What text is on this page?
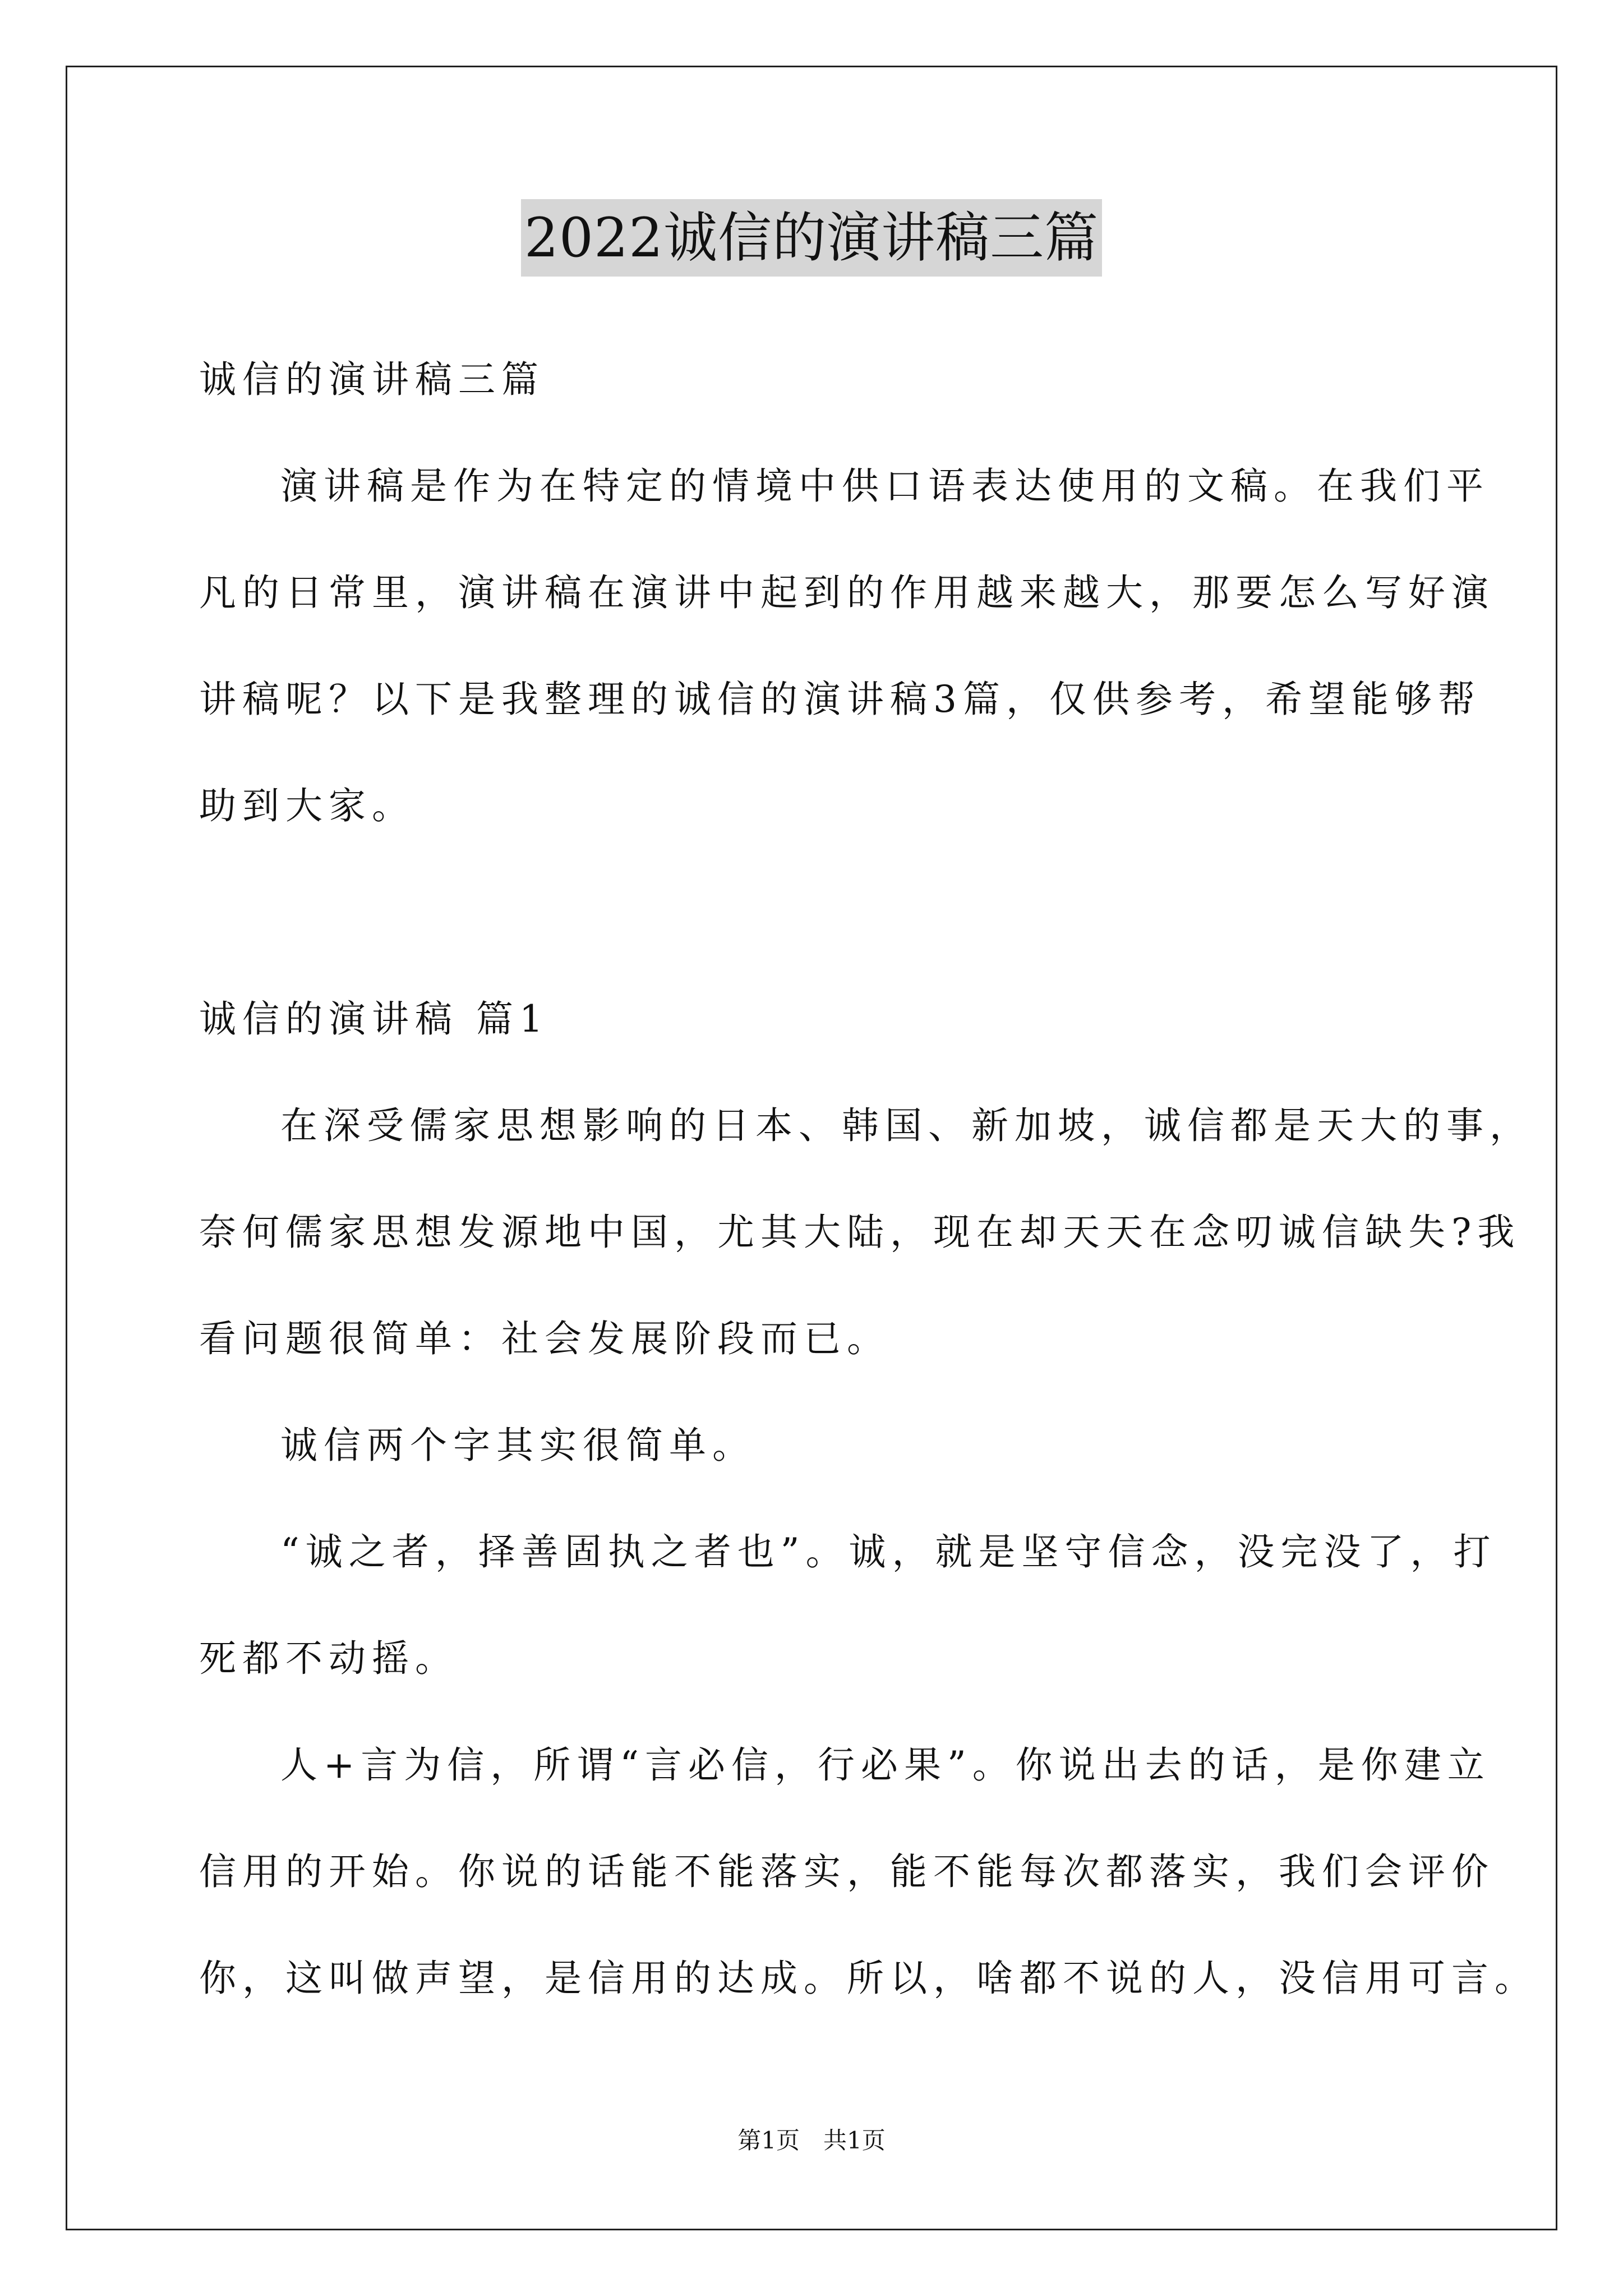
2022诚信的演讲稿三篇
诚信的演讲稿三篇
演讲稿是作为在特定的情境中供口语表达使用的文稿。在我们平
凡的日常里，演讲稿在演讲中起到的作用越来越大，那要怎么写好演
讲稿呢？以下是我整理的诚信的演讲稿3篇，仅供参考，希望能够帮
助到大家。
诚信的演讲稿 篇1
在深受儒家思想影响的日本、韩国、新加坡，诚信都是天大的事，
奈何儒家思想发源地中国，尤其大陆，现在却天天在念叨诚信缺失?我
看问题很简单：社会发展阶段而已。
诚信两个字其实很简单。
“诚之者，择善固执之者也”。诚，就是坚守信念，没完没了，打
死都不动摇。
人+言为信，所谓“言必信，行必果”。你说出去的话，是你建立
信用的开始。你说的话能不能落实，能不能每次都落实，我们会评价
你，这叫做声望，是信用的达成。所以，啥都不说的人，没信用可言。
第1页　共1页
